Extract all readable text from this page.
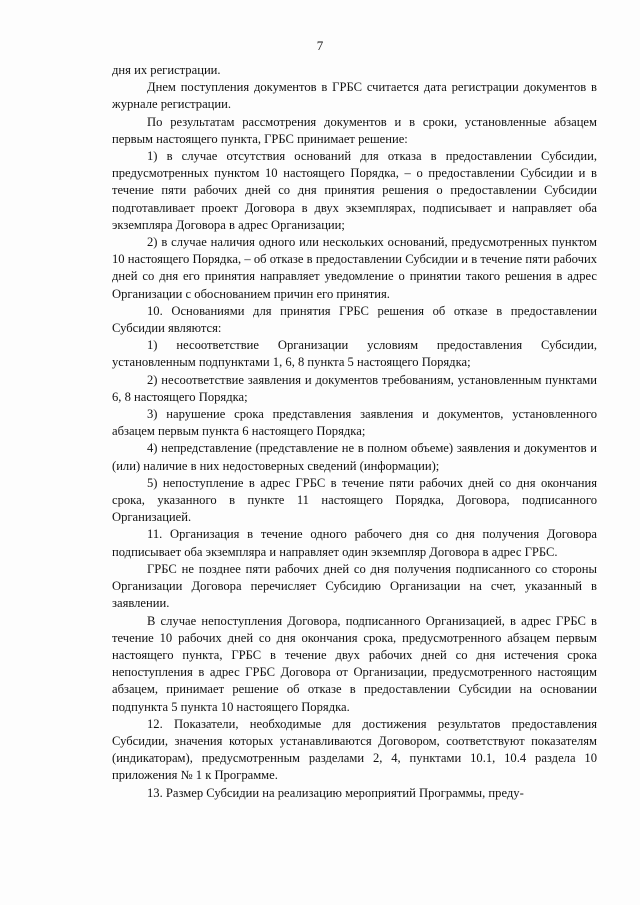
7

дня их регистрации.

Днем поступления документов в ГРБС считается дата регистрации документов в журнале регистрации.

По результатам рассмотрения документов и в сроки, установленные абзацем первым настоящего пункта, ГРБС принимает решение:

1) в случае отсутствия оснований для отказа в предоставлении Субсидии, предусмотренных пунктом 10 настоящего Порядка, – о предоставлении Субсидии и в течение пяти рабочих дней со дня принятия решения о предоставлении Субсидии подготавливает проект Договора в двух экземплярах, подписывает и направляет оба экземпляра Договора в адрес Организации;

2) в случае наличия одного или нескольких оснований, предусмотренных пунктом 10 настоящего Порядка, – об отказе в предоставлении Субсидии и в течение пяти рабочих дней со дня его принятия направляет уведомление о принятии такого решения в адрес Организации с обоснованием причин его принятия.

10. Основаниями для принятия ГРБС решения об отказе в предоставлении Субсидии являются:

1) несоответствие Организации условиям предоставления Субсидии, установленным подпунктами 1, 6, 8 пункта 5 настоящего Порядка;

2) несоответствие заявления и документов требованиям, установленным пунктами 6, 8 настоящего Порядка;

3) нарушение срока представления заявления и документов, установленного абзацем первым пункта 6 настоящего Порядка;

4) непредставление (представление не в полном объеме) заявления и документов и (или) наличие в них недостоверных сведений (информации);

5) непоступление в адрес ГРБС в течение пяти рабочих дней со дня окончания срока, указанного в пункте 11 настоящего Порядка, Договора, подписанного Организацией.

11. Организация в течение одного рабочего дня со дня получения Договора подписывает оба экземпляра и направляет один экземпляр Договора в адрес ГРБС.

ГРБС не позднее пяти рабочих дней со дня получения подписанного со стороны Организации Договора перечисляет Субсидию Организации на счет, указанный в заявлении.

В случае непоступления Договора, подписанного Организацией, в адрес ГРБС в течение 10 рабочих дней со дня окончания срока, предусмотренного абзацем первым настоящего пункта, ГРБС в течение двух рабочих дней со дня истечения срока непоступления в адрес ГРБС Договора от Организации, предусмотренного настоящим абзацем, принимает решение об отказе в предоставлении Субсидии на основании подпункта 5 пункта 10 настоящего Порядка.

12. Показатели, необходимые для достижения результатов предоставления Субсидии, значения которых устанавливаются Договором, соответствуют показателям (индикаторам), предусмотренным разделами 2, 4, пунктами 10.1, 10.4 раздела 10 приложения № 1 к Программе.

13. Размер Субсидии на реализацию мероприятий Программы, преду-
